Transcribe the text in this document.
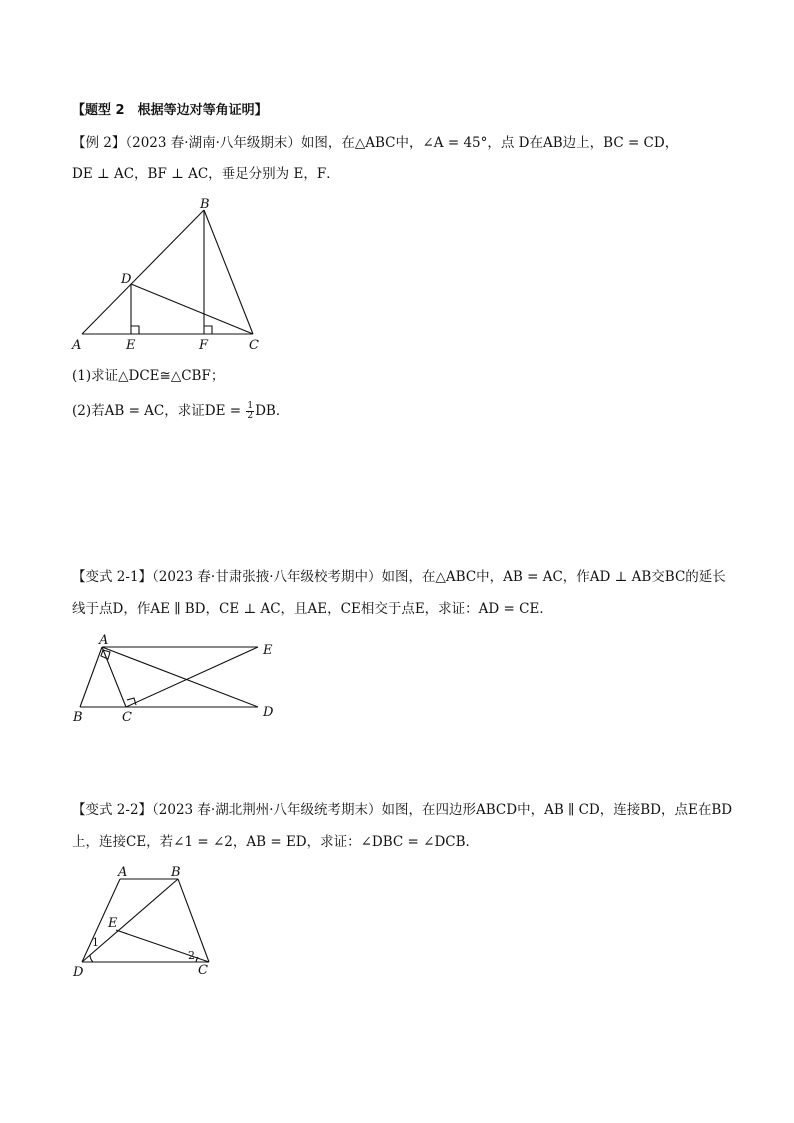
【题型 2　根据等边对等角证明】
【例 2】（2023 春·湖南·八年级期末）如图，在△ABC中，∠A = 45°，点 D在AB边上，BC = CD，
DE ⊥ AC，BF ⊥ AC，垂足分别为 E，F．
B
D
A	E	F	C
(1)求证△DCE≅△CBF；
(2)若AB = AC，求证DE = $\frac{1}{2}$ DB．
【变式 2-1】（2023 春·甘肃张掖·八年级校考期中）如图，在△ABC中，AB = AC，作AD ⊥ AB交BC的延长
线于点D，作AE ∥ BD，CE ⊥ AC，且AE，CE相交于点E，求证：AD = CE．
A
E
B	C	D
【变式 2-2】（2023 春·湖北荆州·八年级统考期末）如图，在四边形ABCD中，AB ∥ CD，连接BD，点E在BD
上，连接CE，若∠1 = ∠2，AB = ED，求证：∠DBC = ∠DCB．
A	B
E
1
2
D	C
